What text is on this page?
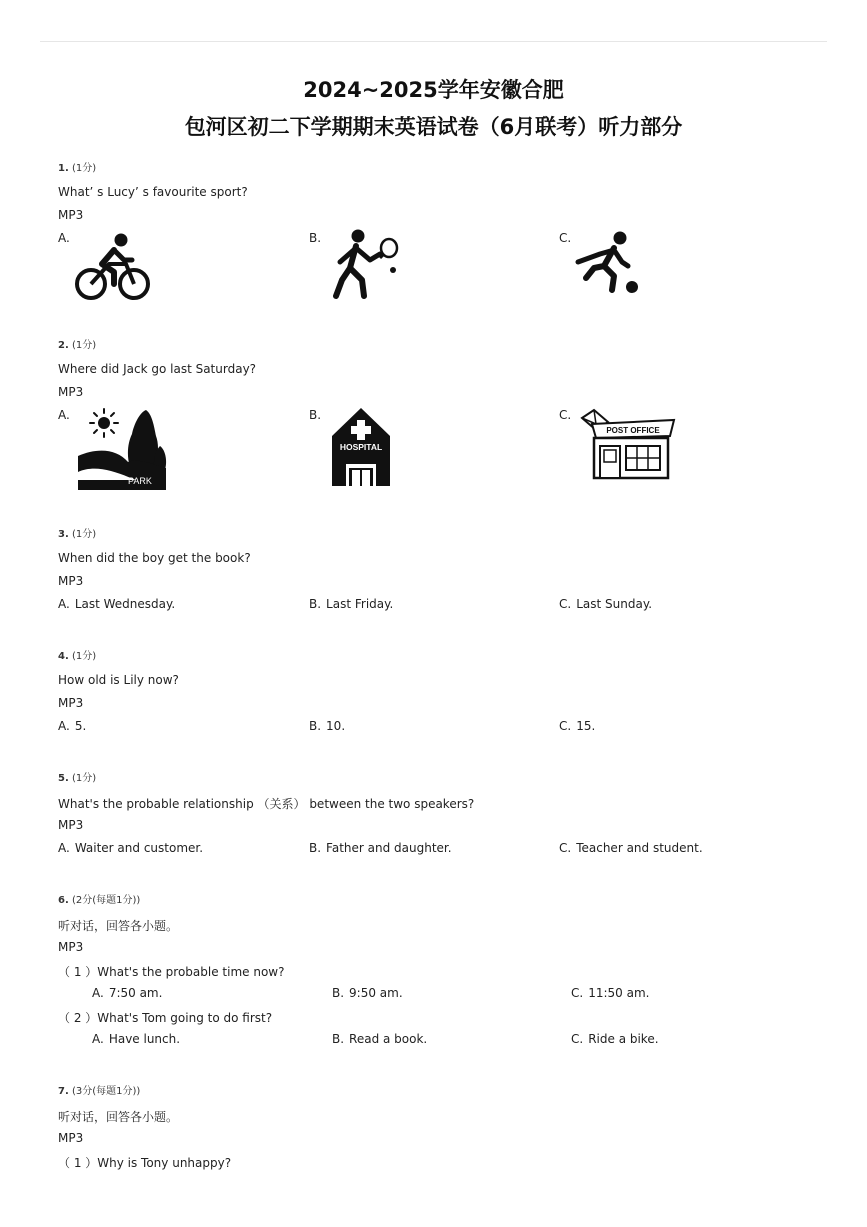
2024~2025学年安徽合肥
包河区初二下学期期末英语试卷（6月联考）听力部分
1. (1分)
What’ s Lucy’ s favourite sport?
MP3
A.	B.	C.
2. (1分)
Where did Jack go last Saturday?
MP3
A.
PARK
B.
HOSPITAL
C.
POST OFFICE
3. (1分)
When did the boy get the book?
MP3
A. Last Wednesday.	B. Last Friday.	C. Last Sunday.
4. (1分)
How old is Lily now?
MP3
A. 5.	B. 10.	C. 15.
5. (1分)
What's the probable relationship （关系） between the two speakers?
MP3
A. Waiter and customer.	B. Father and daughter.	C. Teacher and student.
6. (2分(每题1分))
听对话，回答各小题。
MP3
（ 1 ）What's the probable time now?
A. 7:50 am.	B. 9:50 am.	C. 11:50 am.
（ 2 ）What's Tom going to do first?
A. Have lunch.	B. Read a book.	C. Ride a bike.
7. (3分(每题1分))
听对话，回答各小题。
MP3
（ 1 ）Why is Tony unhappy?
